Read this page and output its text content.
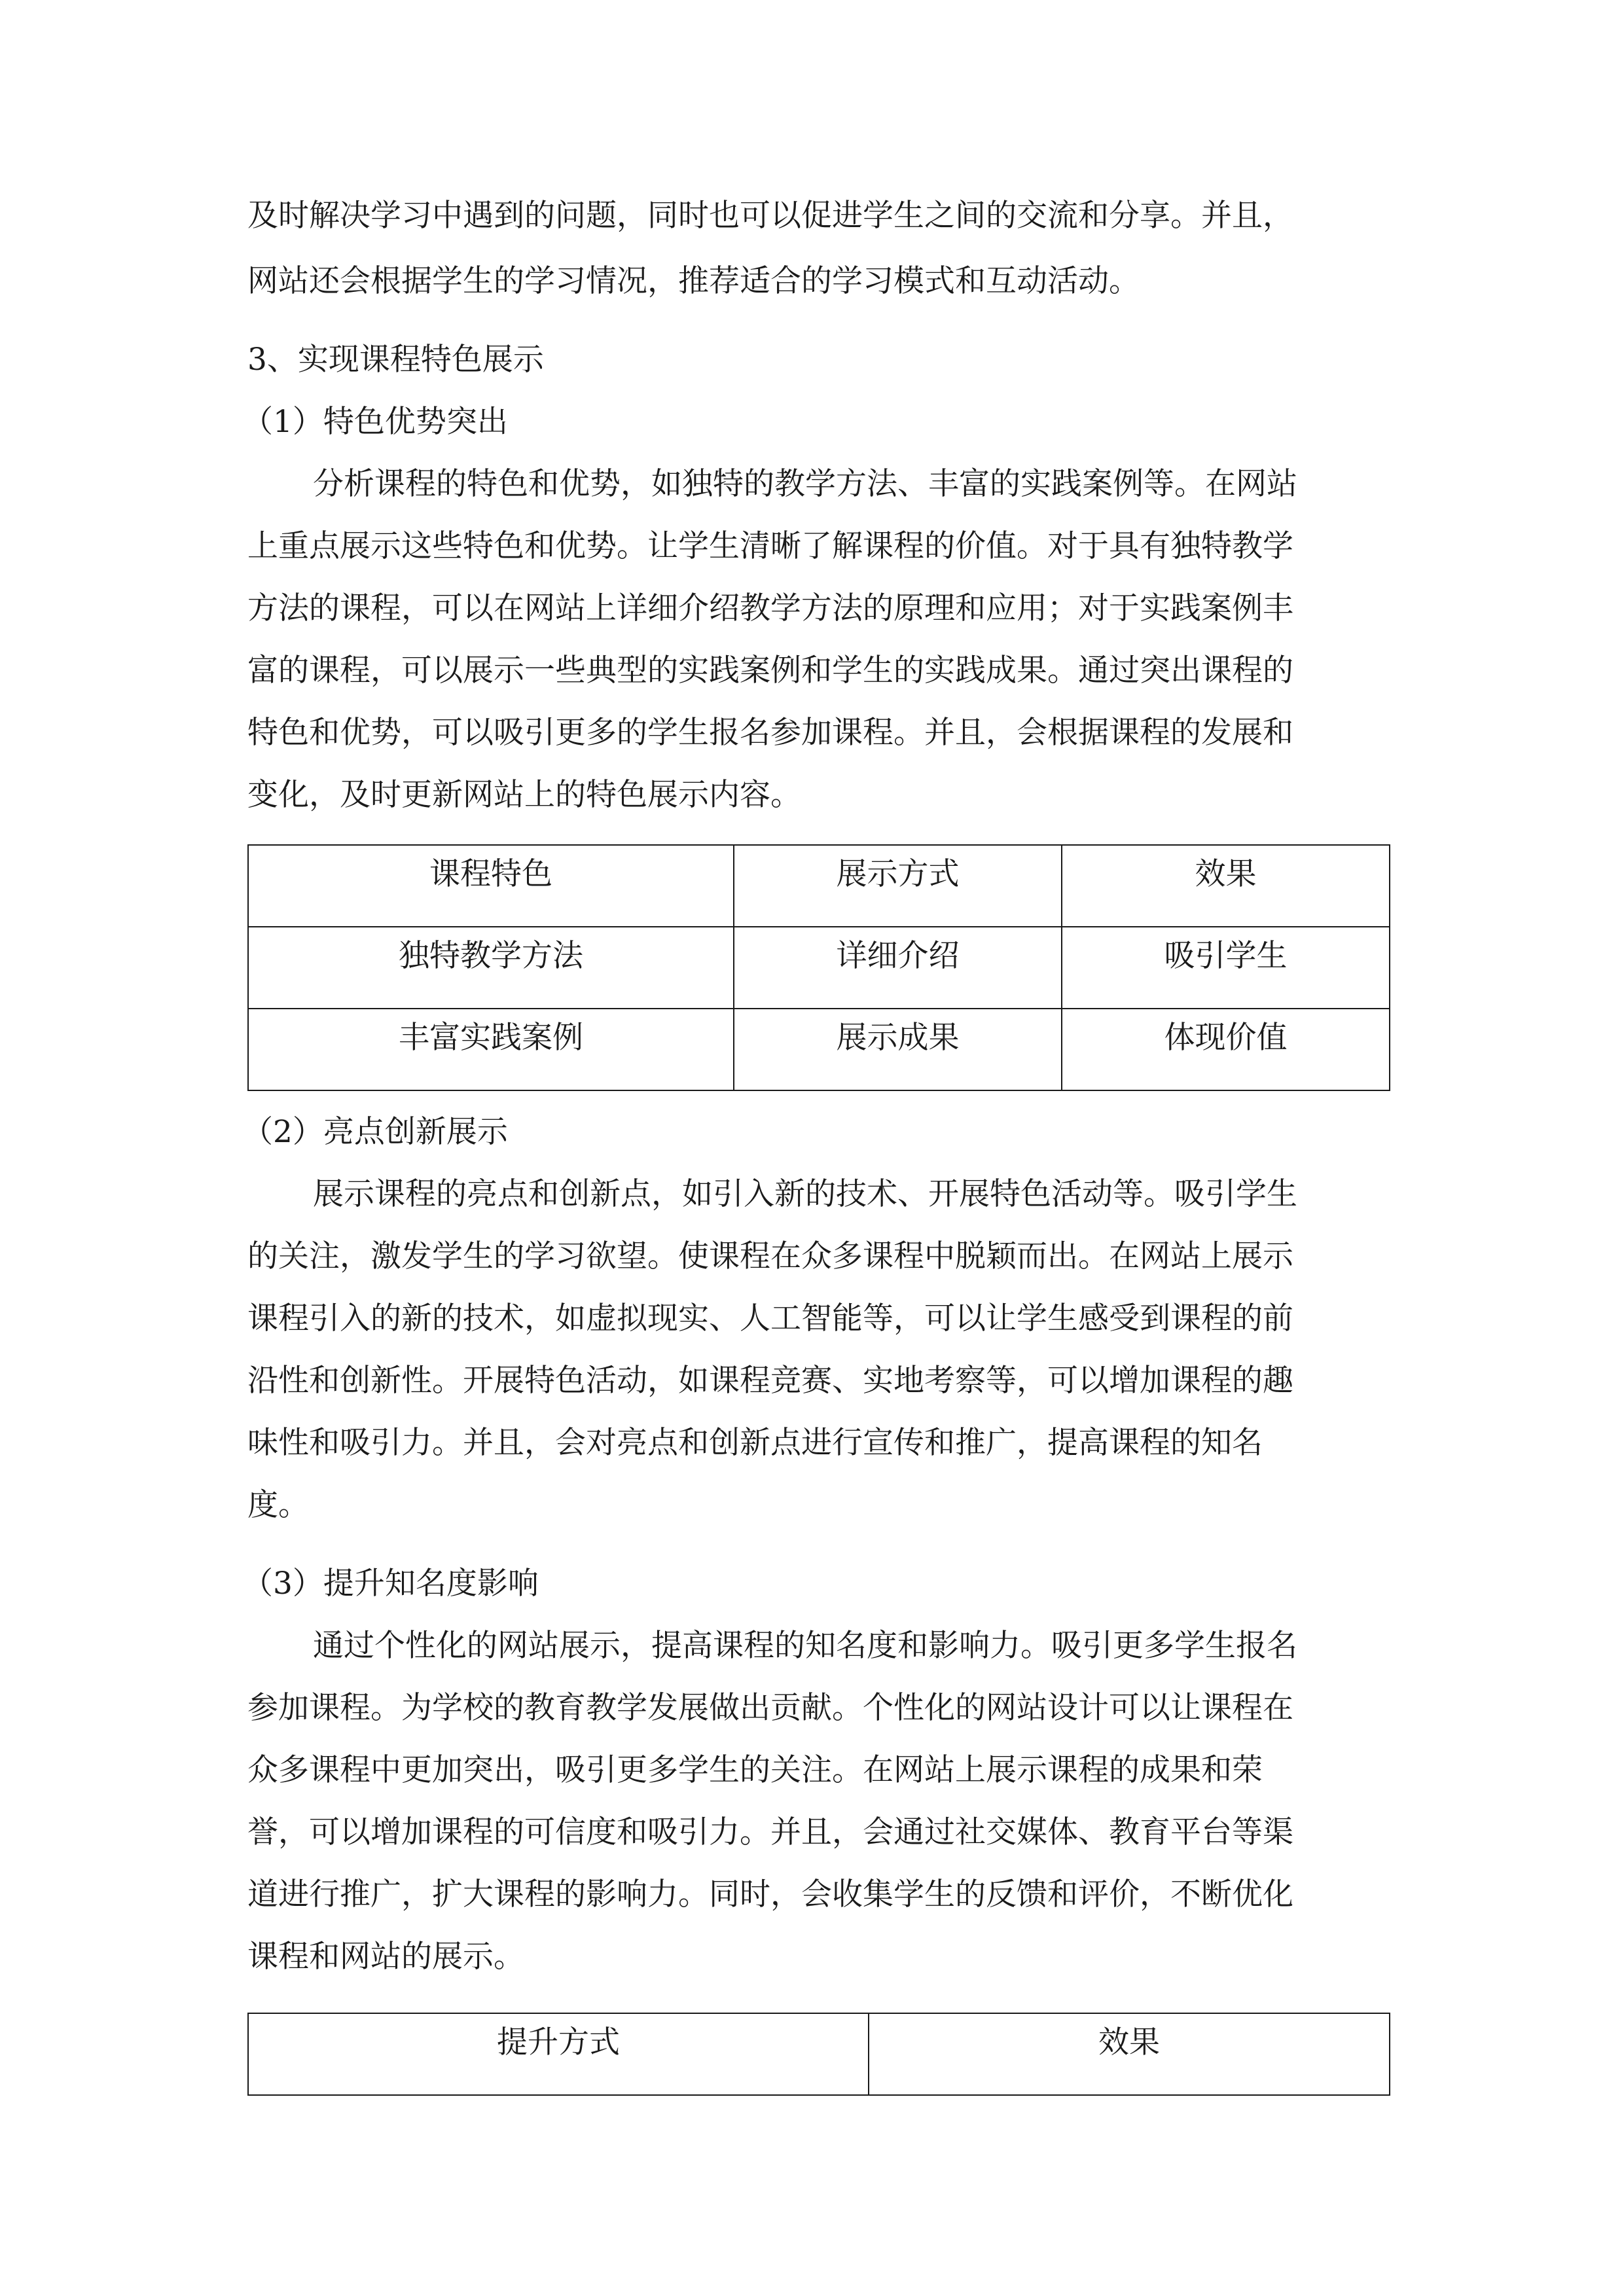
及时解决学习中遇到的问题，同时也可以促进学生之间的交流和分享。并且，
网站还会根据学生的学习情况，推荐适合的学习模式和互动活动。
3、实现课程特色展示
（1）特色优势突出
分析课程的特色和优势，如独特的教学方法、丰富的实践案例等。在网站
上重点展示这些特色和优势。让学生清晰了解课程的价值。对于具有独特教学
方法的课程，可以在网站上详细介绍教学方法的原理和应用；对于实践案例丰
富的课程，可以展示一些典型的实践案例和学生的实践成果。通过突出课程的
特色和优势，可以吸引更多的学生报名参加课程。并且，会根据课程的发展和
变化，及时更新网站上的特色展示内容。
课程特色	展示方式	效果
独特教学方法	详细介绍	吸引学生
丰富实践案例	展示成果	体现价值
（2）亮点创新展示
展示课程的亮点和创新点，如引入新的技术、开展特色活动等。吸引学生
的关注，激发学生的学习欲望。使课程在众多课程中脱颖而出。在网站上展示
课程引入的新的技术，如虚拟现实、人工智能等，可以让学生感受到课程的前
沿性和创新性。开展特色活动，如课程竞赛、实地考察等，可以增加课程的趣
味性和吸引力。并且，会对亮点和创新点进行宣传和推广，提高课程的知名
度。
（3）提升知名度影响
通过个性化的网站展示，提高课程的知名度和影响力。吸引更多学生报名
参加课程。为学校的教育教学发展做出贡献。个性化的网站设计可以让课程在
众多课程中更加突出，吸引更多学生的关注。在网站上展示课程的成果和荣
誉，可以增加课程的可信度和吸引力。并且，会通过社交媒体、教育平台等渠
道进行推广，扩大课程的影响力。同时，会收集学生的反馈和评价，不断优化
课程和网站的展示。
提升方式	效果
